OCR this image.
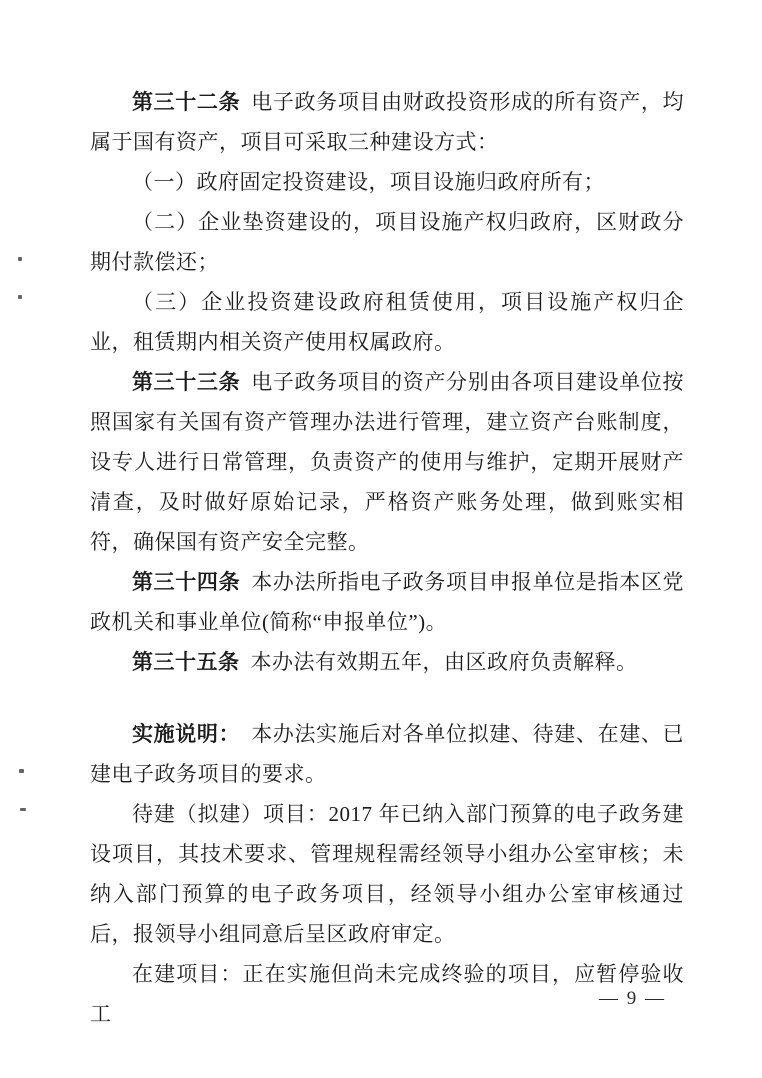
第三十二条 电子政务项目由财政投资形成的所有资产，均属于国有资产，项目可采取三种建设方式：

（一）政府固定投资建设，项目设施归政府所有；

（二）企业垫资建设的，项目设施产权归政府，区财政分期付款偿还；

（三）企业投资建设政府租赁使用，项目设施产权归企业，租赁期内相关资产使用权属政府。

第三十三条 电子政务项目的资产分别由各项目建设单位按照国家有关国有资产管理办法进行管理，建立资产台账制度，设专人进行日常管理，负责资产的使用与维护，定期开展财产清查，及时做好原始记录，严格资产账务处理，做到账实相符，确保国有资产安全完整。

第三十四条 本办法所指电子政务项目申报单位是指本区党政机关和事业单位(简称“申报单位”)。

第三十五条 本办法有效期五年，由区政府负责解释。

实施说明： 本办法实施后对各单位拟建、待建、在建、已建电子政务项目的要求。

待建（拟建）项目：2017 年已纳入部门预算的电子政务建设项目，其技术要求、管理规程需经领导小组办公室审核；未纳入部门预算的电子政务项目，经领导小组办公室审核通过后，报领导小组同意后呈区政府审定。

在建项目：正在实施但尚未完成终验的项目，应暂停验收工

— 9 —
